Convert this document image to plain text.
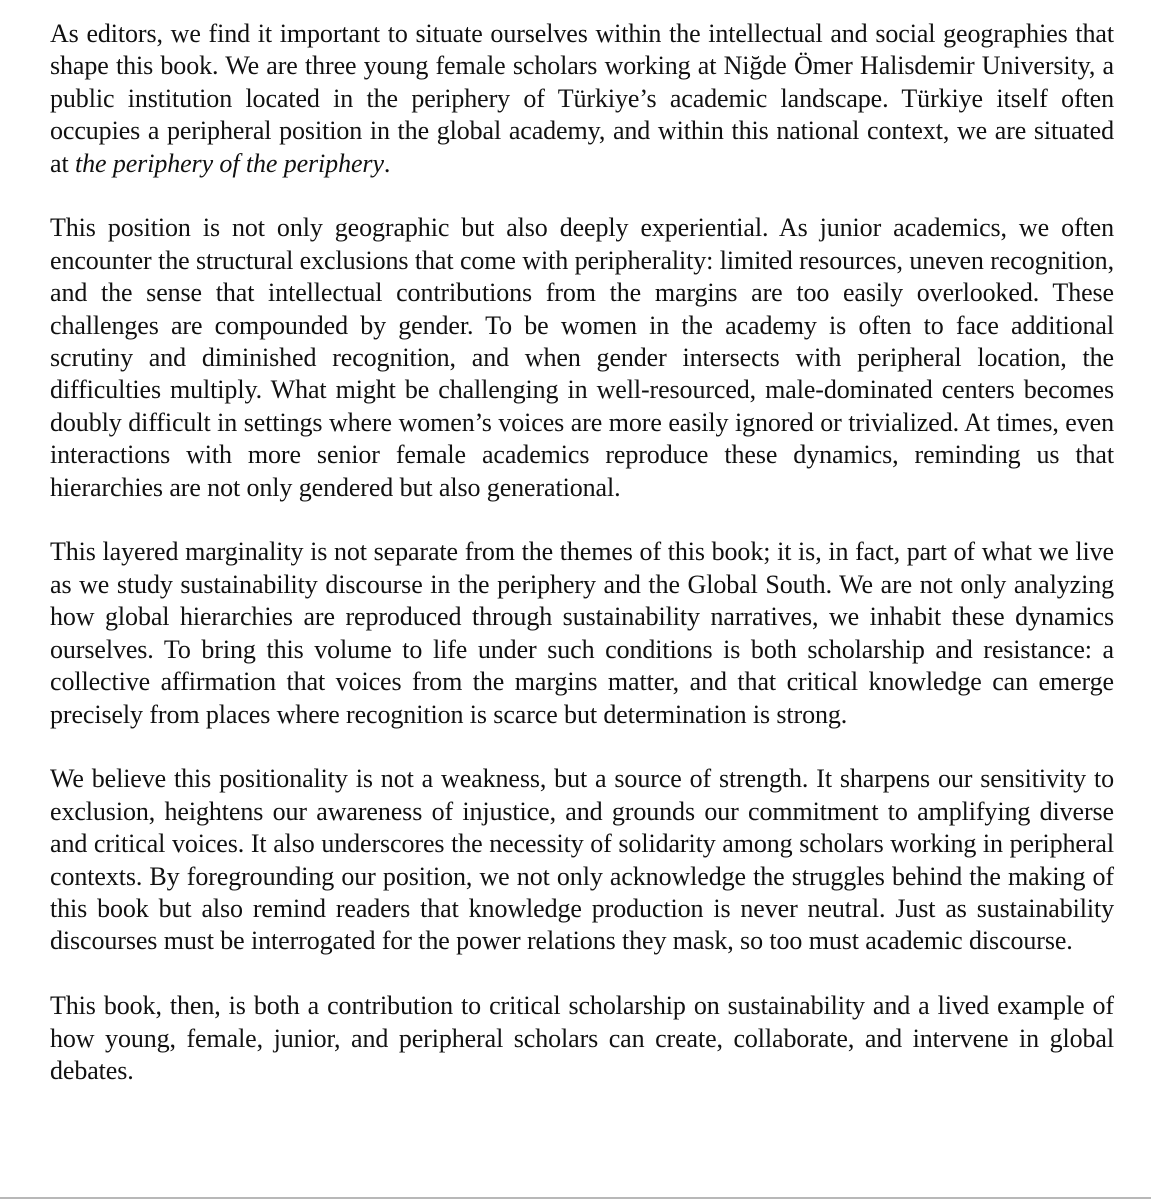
As editors, we find it important to situate ourselves within the intellectual and social geographies that shape this book. We are three young female scholars working at Niğde Ömer Halisdemir University, a public institution located in the periphery of Türkiye’s academic landscape. Türkiye itself often occupies a peripheral position in the global academy, and within this national context, we are situated at the periphery of the periphery.

This position is not only geographic but also deeply experiential. As junior academics, we often encounter the structural exclusions that come with peripherality: limited resources, uneven recognition, and the sense that intellectual contributions from the margins are too easily overlooked. These challenges are compounded by gender. To be women in the academy is often to face additional scrutiny and diminished recognition, and when gender intersects with peripheral location, the difficulties multiply. What might be challenging in well-resourced, male-dominated centers becomes doubly difficult in settings where women’s voices are more easily ignored or trivialized. At times, even interactions with more senior female academics reproduce these dynamics, reminding us that hierarchies are not only gendered but also generational.

This layered marginality is not separate from the themes of this book; it is, in fact, part of what we live as we study sustainability discourse in the periphery and the Global South. We are not only analyzing how global hierarchies are reproduced through sustainability narratives, we inhabit these dynamics ourselves. To bring this volume to life under such conditions is both scholarship and resistance: a collective affirmation that voices from the margins matter, and that critical knowledge can emerge precisely from places where recognition is scarce but determination is strong.

We believe this positionality is not a weakness, but a source of strength. It sharpens our sensitivity to exclusion, heightens our awareness of injustice, and grounds our commitment to amplifying diverse and critical voices. It also underscores the necessity of solidarity among scholars working in peripheral contexts. By foregrounding our position, we not only acknowledge the struggles behind the making of this book but also remind readers that knowledge production is never neutral. Just as sustainability discourses must be interrogated for the power relations they mask, so too must academic discourse.

This book, then, is both a contribution to critical scholarship on sustainability and a lived example of how young, female, junior, and peripheral scholars can create, collaborate, and intervene in global debates.
